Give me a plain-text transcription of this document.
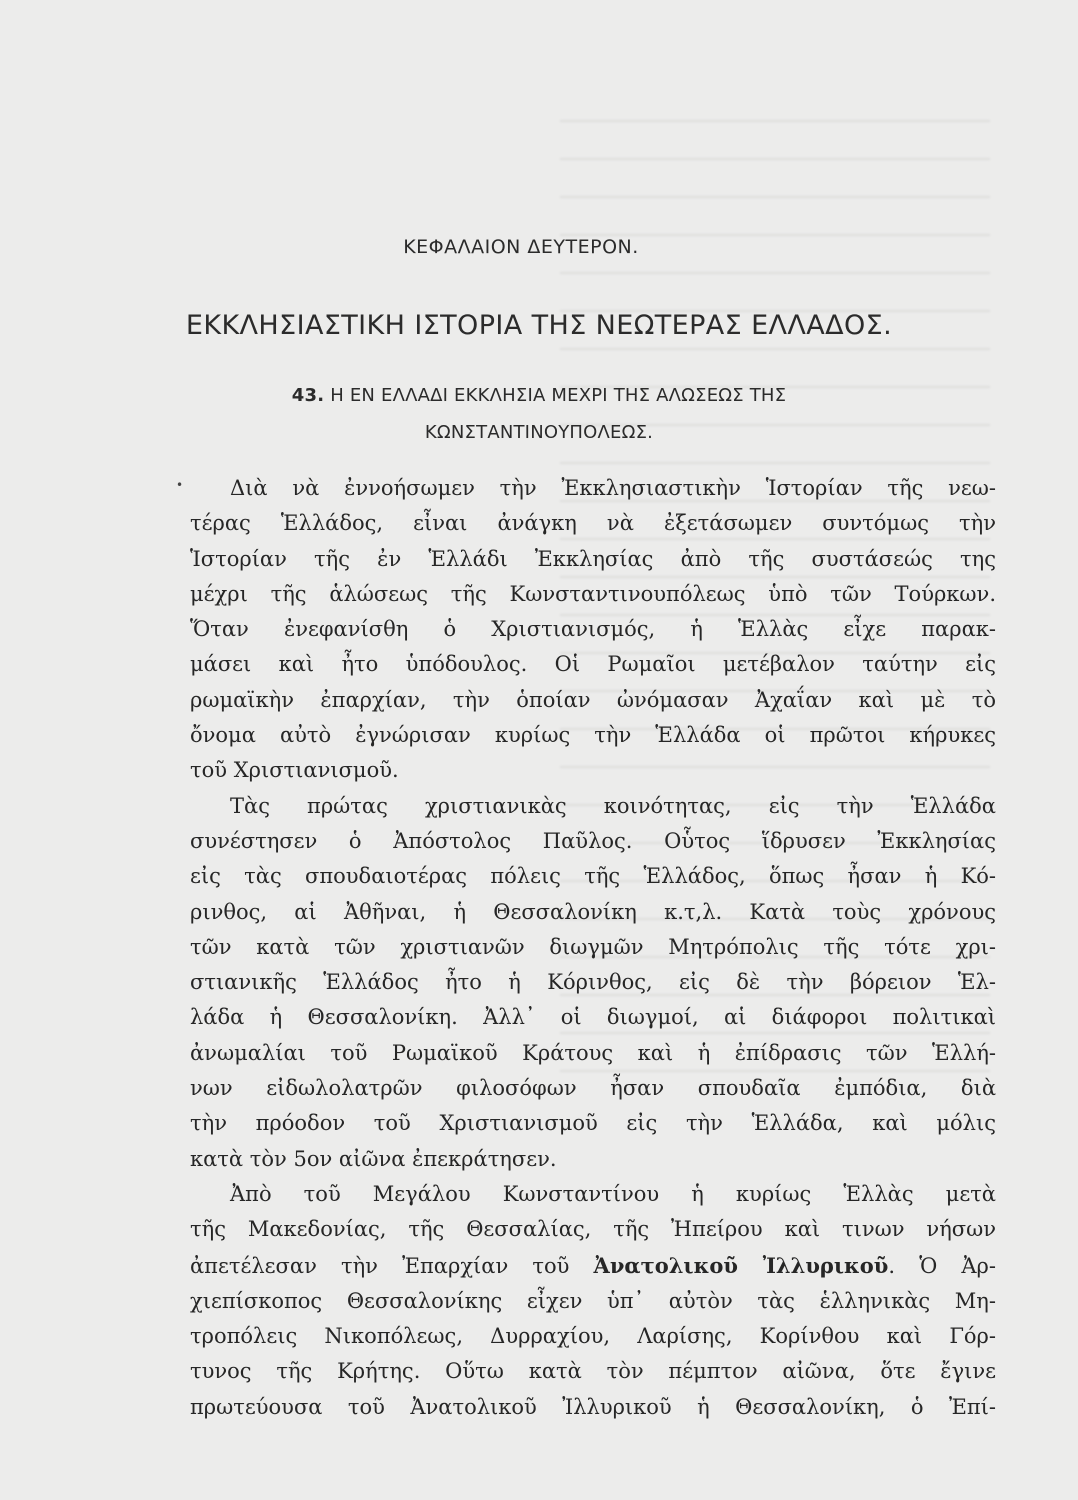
ΚΕΦΑΛΑΙΟΝ ΔΕΥΤΕΡΟΝ.
ΕΚΚΛΗΣΙΑΣΤΙΚΗ ΙΣΤΟΡΙΑ ΤΗΣ ΝΕΩΤΕΡΑΣ ΕΛΛΑΔΟΣ.
43. Η ΕΝ ΕΛΛΑΔΙ ΕΚΚΛΗΣΙΑ ΜΕΧΡΙ ΤΗΣ ΑΛΩΣΕΩΣ ΤΗΣ
ΚΩΝΣΤΑΝΤΙΝΟΥΠΟΛΕΩΣ.
•	Διὰ νὰ ἐννοήσωμεν τὴν Ἐκκλησιαστικὴν Ἱστορίαν τῆς νεω-
τέρας Ἑλλάδος, εἶναι ἀνάγκη νὰ ἐξετάσωμεν συντόμως τὴν
Ἱστορίαν τῆς ἐν Ἑλλάδι Ἐκκλησίας ἀπὸ τῆς συστάσεώς της
μέχρι τῆς ἁλώσεως τῆς Κωνσταντινουπόλεως ὑπὸ τῶν Τούρκων.
Ὅταν ἐνεφανίσθη ὁ Χριστιανισμός, ἡ Ἑλλὰς εἶχε παρακ-
μάσει καὶ ἦτο ὑπόδουλος. Οἱ Ρωμαῖοι μετέβαλον ταύτην εἰς
ρωμαϊκὴν ἐπαρχίαν, τὴν ὁποίαν ὠνόμασαν Ἀχαΐαν καὶ μὲ τὸ
ὄνομα αὐτὸ ἐγνώρισαν κυρίως τὴν Ἑλλάδα οἱ πρῶτοι κήρυκες
τοῦ Χριστιανισμοῦ.
Τὰς πρώτας χριστιανικὰς κοινότητας, εἰς τὴν Ἑλλάδα
συνέστησεν ὁ Ἀπόστολος Παῦλος. Οὗτος ἵδρυσεν Ἐκκλησίας
εἰς τὰς σπουδαιοτέρας πόλεις τῆς Ἑλλάδος, ὅπως ἦσαν ἡ Κό-
ρινθος, αἱ Ἀθῆναι, ἡ Θεσσαλονίκη κ.τ,λ. Κατὰ τοὺς χρόνους
τῶν κατὰ τῶν χριστιανῶν διωγμῶν Μητρόπολις τῆς τότε χρι-
στιανικῆς Ἑλλάδος ἦτο ἡ Κόρινθος, εἰς δὲ τὴν βόρειον Ἑλ-
λάδα ἡ Θεσσαλονίκη. Ἀλλ᾽ οἱ διωγμοί, αἱ διάφοροι πολιτικαὶ
ἀνωμαλίαι τοῦ Ρωμαϊκοῦ Κράτους καὶ ἡ ἐπίδρασις τῶν Ἑλλή-
νων εἰδωλολατρῶν φιλοσόφων ἦσαν σπουδαῖα ἐμπόδια, διὰ
τὴν πρόοδον τοῦ Χριστιανισμοῦ εἰς τὴν Ἑλλάδα, καὶ μόλις
κατὰ τὸν 5ον αἰῶνα ἐπεκράτησεν.
Ἀπὸ τοῦ Μεγάλου Κωνσταντίνου ἡ κυρίως Ἑλλὰς μετὰ
τῆς Μακεδονίας, τῆς Θεσσαλίας, τῆς Ἠπείρου καὶ τινων νήσων
ἀπετέλεσαν τὴν Ἐπαρχίαν τοῦ Ἀνατολικοῦ Ἰλλυρικοῦ. Ὁ Ἀρ-
χιεπίσκοπος Θεσσαλονίκης εἶχεν ὑπ᾽ αὐτὸν τὰς ἑλληνικὰς Μη-
τροπόλεις Νικοπόλεως, Δυρραχίου, Λαρίσης, Κορίνθου καὶ Γόρ-
τυνος τῆς Κρήτης. Οὕτω κατὰ τὸν πέμπτον αἰῶνα, ὅτε ἔγινε
πρωτεύουσα τοῦ Ἀνατολικοῦ Ἰλλυρικοῦ ἡ Θεσσαλονίκη, ὁ Ἐπί-
